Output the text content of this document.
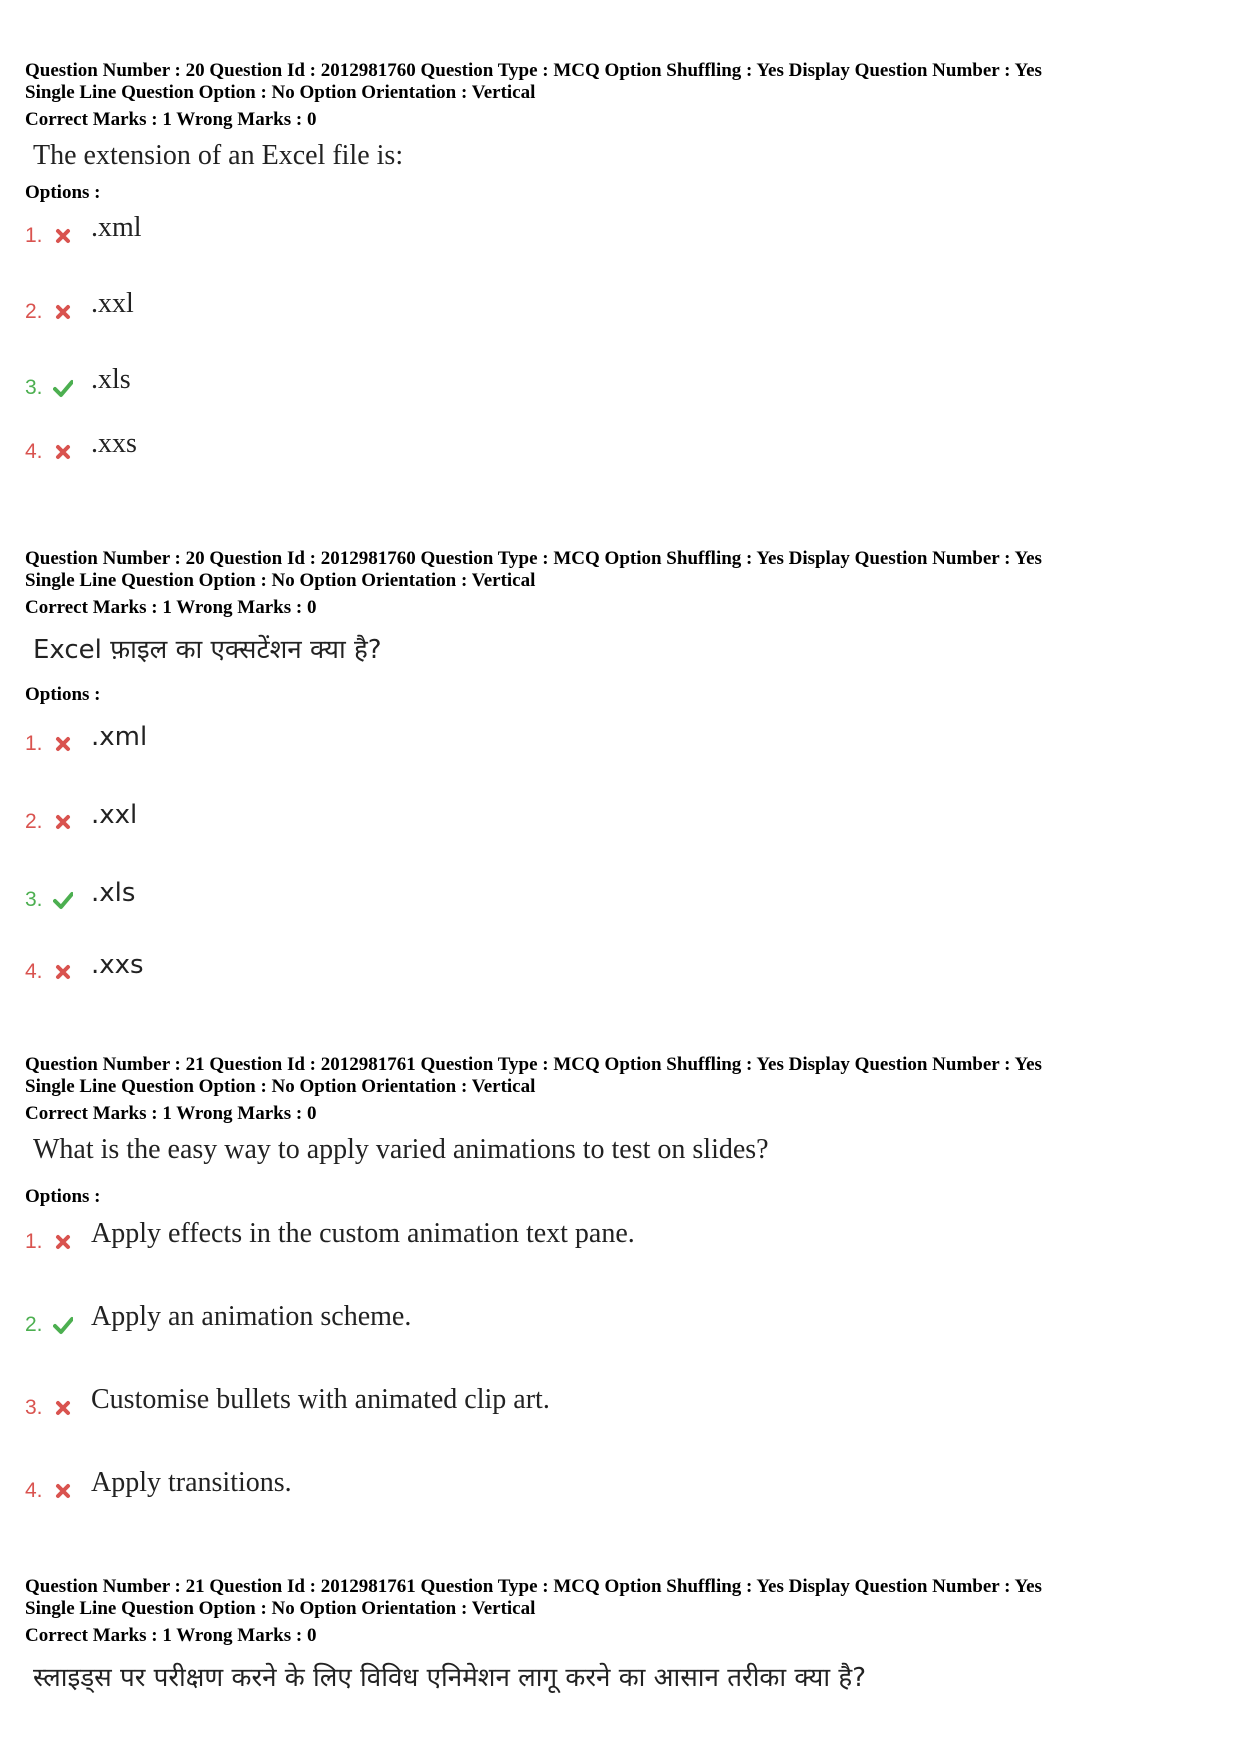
Question Number : 20 Question Id : 2012981760 Question Type : MCQ Option Shuffling : Yes Display Question Number : Yes
Single Line Question Option : No Option Orientation : Vertical
Correct Marks : 1 Wrong Marks : 0
The extension of an Excel file is:
Options :
1. .xml
2. .xxl
3. .xls
4. .xxs
Question Number : 20 Question Id : 2012981760 Question Type : MCQ Option Shuffling : Yes Display Question Number : Yes
Single Line Question Option : No Option Orientation : Vertical
Correct Marks : 1 Wrong Marks : 0
Excel फ़ाइल का एक्सटेंशन क्या है?
Options :
1. .xml
2. .xxl
3. .xls
4. .xxs
Question Number : 21 Question Id : 2012981761 Question Type : MCQ Option Shuffling : Yes Display Question Number : Yes
Single Line Question Option : No Option Orientation : Vertical
Correct Marks : 1 Wrong Marks : 0
What is the easy way to apply varied animations to test on slides?
Options :
1. Apply effects in the custom animation text pane.
2. Apply an animation scheme.
3. Customise bullets with animated clip art.
4. Apply transitions.
Question Number : 21 Question Id : 2012981761 Question Type : MCQ Option Shuffling : Yes Display Question Number : Yes
Single Line Question Option : No Option Orientation : Vertical
Correct Marks : 1 Wrong Marks : 0
स्लाइड्स पर परीक्षण करने के लिए विविध एनिमेशन लागू करने का आसान तरीका क्या है?
